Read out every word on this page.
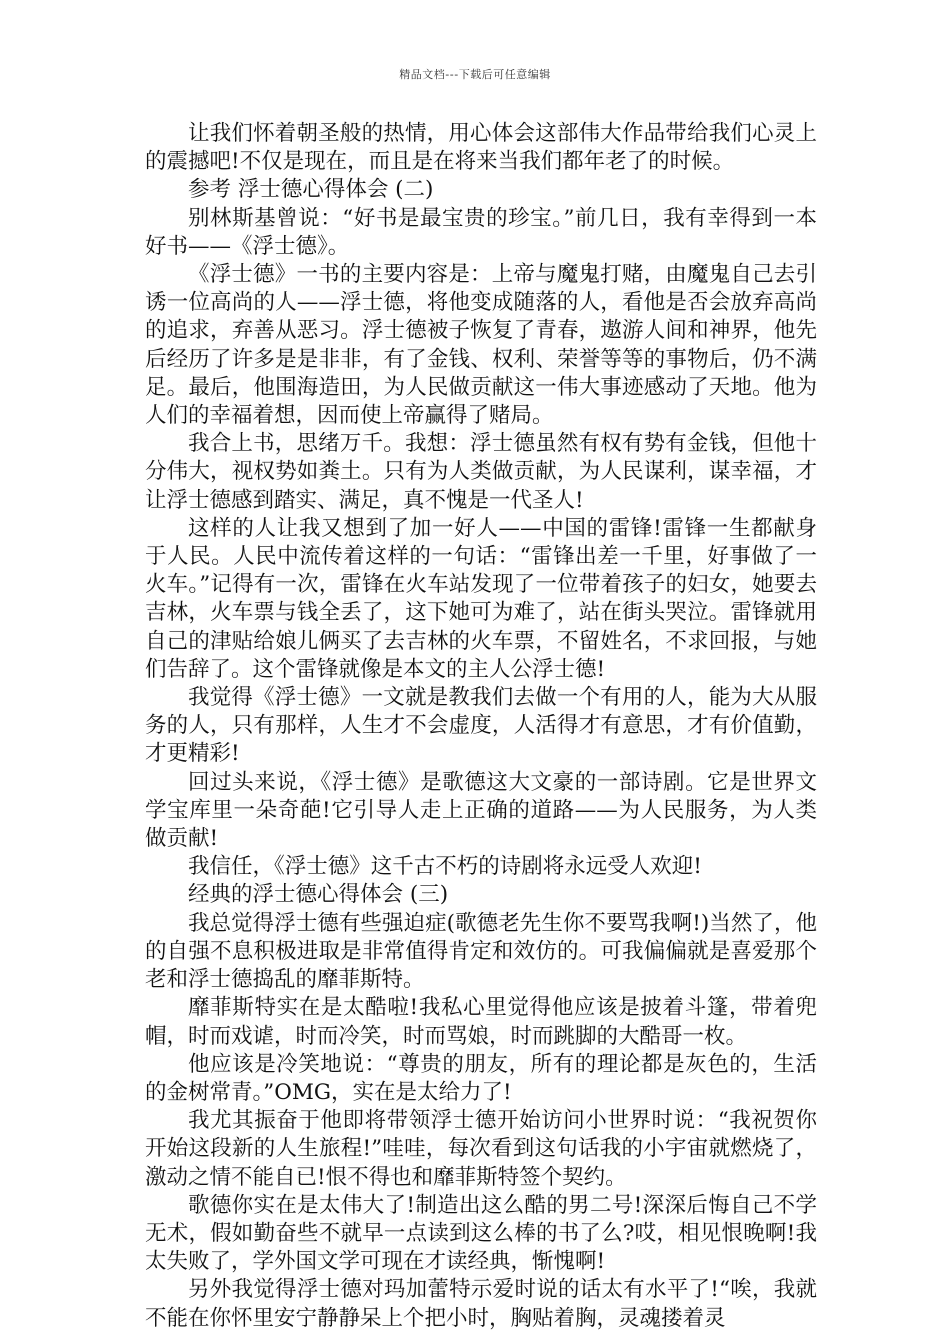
精品文档---下载后可任意编辑

让我们怀着朝圣般的热情，用心体会这部伟大作品带给我们心灵上的震撼吧!不仅是现在，而且是在将来当我们都年老了的时候。

参考 浮士德心得体会 (二)

别林斯基曾说：“好书是最宝贵的珍宝。”前几日，我有幸得到一本好书——《浮士德》。

《浮士德》一书的主要内容是：上帝与魔鬼打赌，由魔鬼自己去引诱一位高尚的人——浮士德，将他变成随落的人，看他是否会放弃高尚的追求，弃善从恶习。浮士德被子恢复了青春，遨游人间和神界，他先后经历了许多是是非非，有了金钱、权利、荣誉等等的事物后，仍不满足。最后，他围海造田，为人民做贡献这一伟大事迹感动了天地。他为人们的幸福着想，因而使上帝赢得了赌局。

我合上书，思绪万千。我想：浮士德虽然有权有势有金钱，但他十分伟大，视权势如粪土。只有为人类做贡献，为人民谋利，谋幸福，才让浮士德感到踏实、满足，真不愧是一代圣人!

这样的人让我又想到了加一好人——中国的雷锋!雷锋一生都献身于人民。人民中流传着这样的一句话：“雷锋出差一千里，好事做了一火车。”记得有一次，雷锋在火车站发现了一位带着孩子的妇女，她要去吉林，火车票与钱全丢了，这下她可为难了，站在街头哭泣。雷锋就用自己的津贴给娘儿俩买了去吉林的火车票，不留姓名，不求回报，与她们告辞了。这个雷锋就像是本文的主人公浮士德!

我觉得《浮士德》一文就是教我们去做一个有用的人，能为大从服务的人，只有那样，人生才不会虚度，人活得才有意思，才有价值勤，才更精彩!

回过头来说，《浮士德》是歌德这大文豪的一部诗剧。它是世界文学宝库里一朵奇葩!它引导人走上正确的道路——为人民服务，为人类做贡献!

我信任，《浮士德》这千古不朽的诗剧将永远受人欢迎!

经典的浮士德心得体会 (三)

我总觉得浮士德有些强迫症(歌德老先生你不要骂我啊!)当然了，他的自强不息积极进取是非常值得肯定和效仿的。可我偏偏就是喜爱那个老和浮士德捣乱的靡菲斯特。

靡菲斯特实在是太酷啦!我私心里觉得他应该是披着斗篷，带着兜帽，时而戏谑，时而冷笑，时而骂娘，时而跳脚的大酷哥一枚。

他应该是冷笑地说：“尊贵的朋友，所有的理论都是灰色的，生活的金树常青。”OMG，实在是太给力了!

我尤其振奋于他即将带领浮士德开始访问小世界时说：“我祝贺你开始这段新的人生旅程!”哇哇，每次看到这句话我的小宇宙就燃烧了，激动之情不能自已!恨不得也和靡菲斯特签个契约。

歌德你实在是太伟大了!制造出这么酷的男二号!深深后悔自己不学无术，假如勤奋些不就早一点读到这么棒的书了么?哎，相见恨晚啊!我太失败了，学外国文学可现在才读经典，惭愧啊!

另外我觉得浮士德对玛加蕾特示爱时说的话太有水平了!“唉，我就不能在你怀里安宁静静呆上个把小时，胸贴着胸，灵魂搂着灵
